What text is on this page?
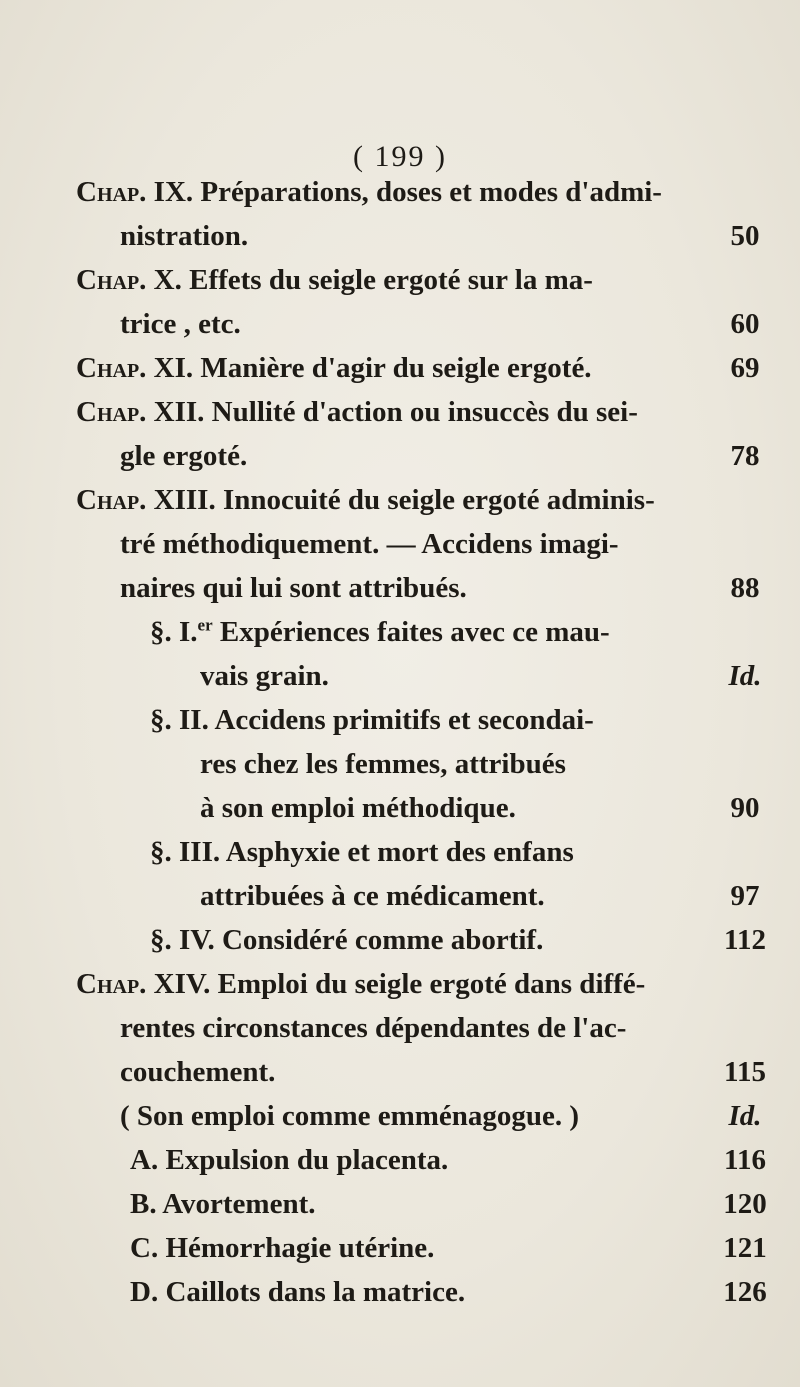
( 199 )
Chap. IX. Préparations, doses et modes d'admi-
nistration.	50
Chap. X. Effets du seigle ergoté sur la ma-
trice , etc.	60
Chap. XI. Manière d'agir du seigle ergoté.	69
Chap. XII. Nullité d'action ou insuccès du sei-
gle ergoté.	78
Chap. XIII. Innocuité du seigle ergoté adminis-
tré méthodiquement. — Accidens imagi-
naires qui lui sont attribués.	88
§. I.$^{er}$ Expériences faites avec ce mau-
vais grain.	Id.
§. II. Accidens primitifs et secondai-
res chez les femmes, attribués
à son emploi méthodique.	90
§. III. Asphyxie et mort des enfans
attribuées à ce médicament.	97
§. IV. Considéré comme abortif.	112
Chap. XIV. Emploi du seigle ergoté dans diffé-
rentes circonstances dépendantes de l'ac-
couchement.	115
( Son emploi comme emménagogue. )	Id.
A. Expulsion du placenta.	116
B. Avortement.	120
C. Hémorrhagie utérine.	121
D. Caillots dans la matrice.	126
